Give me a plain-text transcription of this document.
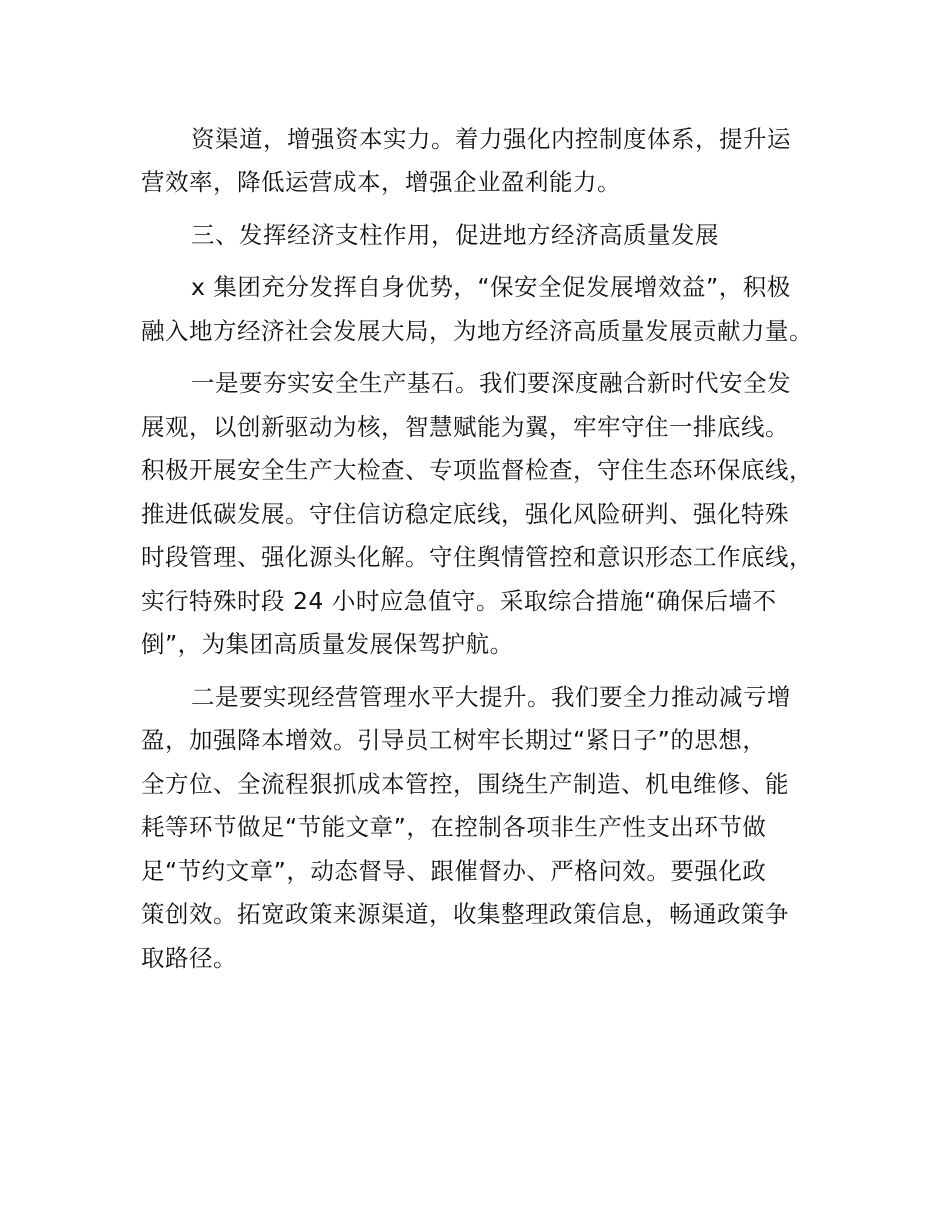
资渠道，增强资本实力。着力强化内控制度体系，提升运
营效率，降低运营成本，增强企业盈利能力。
三、发挥经济支柱作用，促进地方经济高质量发展
x 集团充分发挥自身优势，“保安全促发展增效益”，积极
融入地方经济社会发展大局，为地方经济高质量发展贡献力量。
一是要夯实安全生产基石。我们要深度融合新时代安全发
展观，以创新驱动为核，智慧赋能为翼，牢牢守住一排底线。
积极开展安全生产大检查、专项监督检查，守住生态环保底线，
推进低碳发展。守住信访稳定底线，强化风险研判、强化特殊
时段管理、强化源头化解。守住舆情管控和意识形态工作底线，
实行特殊时段 24 小时应急值守。采取综合措施“确保后墙不
倒”，为集团高质量发展保驾护航。
二是要实现经营管理水平大提升。我们要全力推动减亏增
盈，加强降本增效。引导员工树牢长期过“紧日子”的思想，
全方位、全流程狠抓成本管控，围绕生产制造、机电维修、能
耗等环节做足“节能文章”，在控制各项非生产性支出环节做
足“节约文章”，动态督导、跟催督办、严格问效。要强化政
策创效。拓宽政策来源渠道，收集整理政策信息，畅通政策争
取路径。
